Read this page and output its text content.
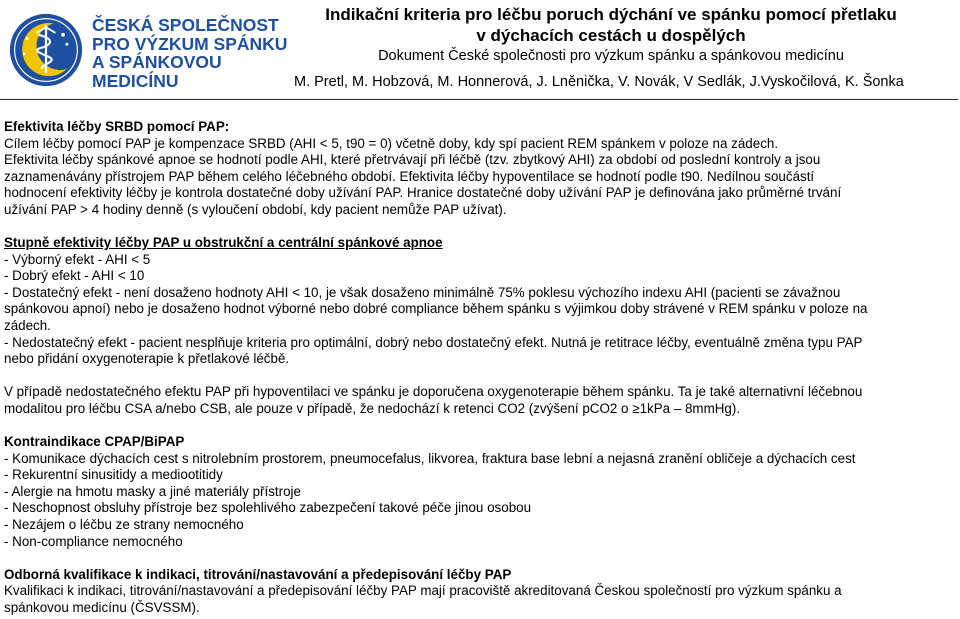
ČESKÁ SPOLEČNOST
PRO VÝZKUM SPÁNKU
A SPÁNKOVOU
MEDICÍNU
Indikační kriteria pro léčbu poruch dýchání ve spánku pomocí přetlaku
v dýchacích cestách u dospělých
Dokument České společnosti pro výzkum spánku a spánkovou medicínu
M. Pretl, M. Hobzová, M. Honnerová, J. Lněnička, V. Novák, V Sedlák, J.Vyskočilová, K. Šonka

Efektivita léčby SRBD pomocí PAP:

Cílem léčby pomocí PAP je kompenzace SRBD (AHI < 5, t90 = 0) včetně doby, kdy spí pacient REM spánkem v poloze na zádech.

Efektivita léčby spánkové apnoe se hodnotí podle AHI, které přetrvávají při léčbě (tzv. zbytkový AHI) za období od poslední kontroly a jsou

zaznamenávány přístrojem PAP během celého léčebného období. Efektivita léčby hypoventilace se hodnotí podle t90. Nedílnou součástí

hodnocení efektivity léčby je kontrola dostatečné doby užívání PAP. Hranice dostatečné doby užívání PAP je definována jako průměrné trvání

užívání PAP > 4 hodiny denně (s vyloučení období, kdy pacient nemůže PAP užívat).

Stupně efektivity léčby PAP u obstrukční a centrální spánkové apnoe

- Výborný efekt - AHI < 5

- Dobrý efekt - AHI < 10

- Dostatečný efekt - není dosaženo hodnoty AHI < 10, je však dosaženo minimálně 75% poklesu výchozího indexu AHI (pacienti se závažnou

spánkovou apnoí) nebo je dosaženo hodnot výborné nebo dobré compliance během spánku s výjimkou doby strávené v REM spánku v poloze na

zádech.

- Nedostatečný efekt - pacient nesplňuje kriteria pro optimální, dobrý nebo dostatečný efekt. Nutná je retitrace léčby, eventuálně změna typu PAP

nebo přidání oxygenoterapie k přetlakové léčbě.

V případě nedostatečného efektu PAP při hypoventilaci ve spánku je doporučena oxygenoterapie během spánku. Ta je také alternativní léčebnou

modalitou pro léčbu CSA a/nebo CSB, ale pouze v případě, že nedochází k retenci CO2 (zvýšení pCO2 o ≥1kPa – 8mmHg).

Kontraindikace CPAP/BiPAP

- Komunikace dýchacích cest s nitrolebním prostorem, pneumocefalus, likvorea, fraktura base lební a nejasná zranění obličeje a dýchacích cest

- Rekurentní sinusitidy a mediootitidy

- Alergie na hmotu masky a jiné materiály přístroje

- Neschopnost obsluhy přístroje bez spolehlivého zabezpečení takové péče jinou osobou

- Nezájem o léčbu ze strany nemocného

- Non-compliance nemocného

Odborná kvalifikace k indikaci, titrování/nastavování a předepisování léčby PAP

Kvalifikaci k indikaci, titrování/nastavování a předepisování léčby PAP mají pracoviště akreditovaná Českou společností pro výzkum spánku a

spánkovou medicínu (ČSVSSM).
